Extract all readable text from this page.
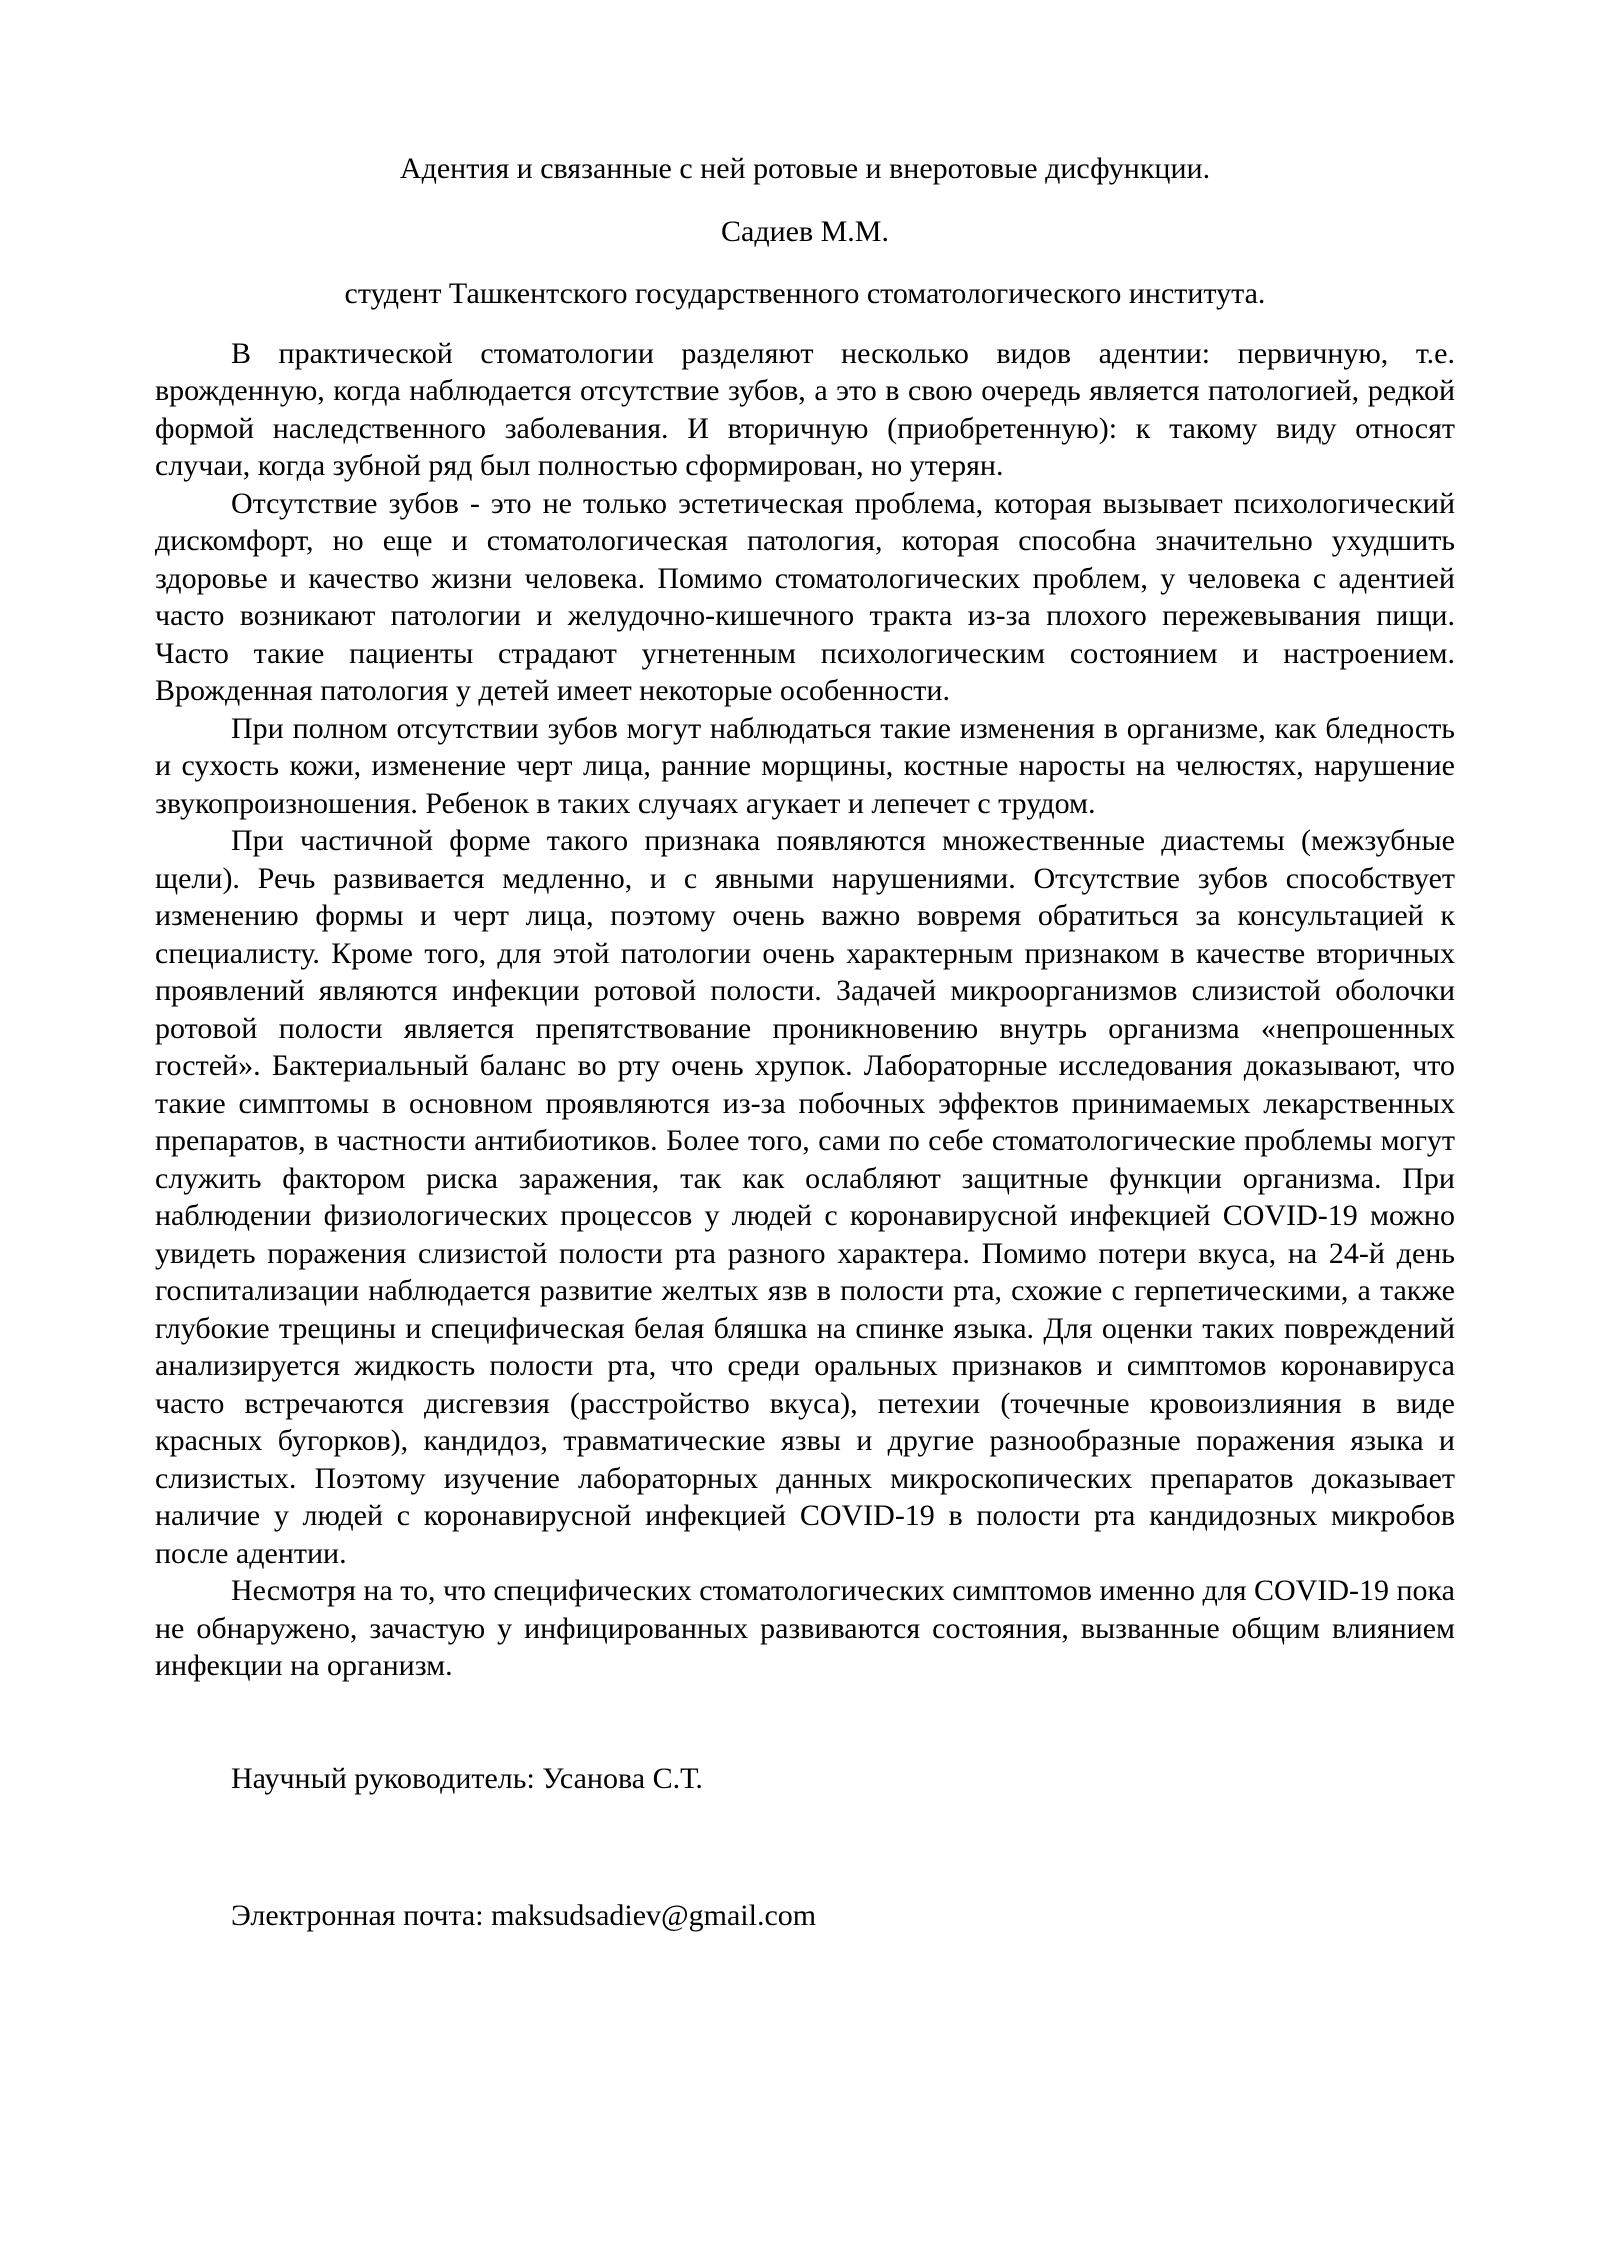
Адентия и связанные с ней ротовые и внеротовые дисфункции.

Садиев М.М.

студент Ташкентского государственного стоматологического института.

В практической стоматологии разделяют несколько видов адентии: первичную, т.е. врожденную, когда наблюдается отсутствие зубов, а это в свою очередь является патологией, редкой формой наследственного заболевания. И вторичную (приобретенную): к такому виду относят случаи, когда зубной ряд был полностью сформирован, но утерян.

Отсутствие зубов - это не только эстетическая проблема, которая вызывает психологический дискомфорт, но еще и стоматологическая патология, которая способна значительно ухудшить здоровье и качество жизни человека. Помимо стоматологических проблем, у человека с адентией часто возникают патологии и желудочно-кишечного тракта из-за плохого пережевывания пищи. Часто такие пациенты страдают угнетенным психологическим состоянием и настроением. Врожденная патология у детей имеет некоторые особенности.

При полном отсутствии зубов могут наблюдаться такие изменения в организме, как бледность и сухость кожи, изменение черт лица, ранние морщины, костные наросты на челюстях, нарушение звукопроизношения. Ребенок в таких случаях агукает и лепечет с трудом.

При частичной форме такого признака появляются множественные диастемы (межзубные щели). Речь развивается медленно, и с явными нарушениями. Отсутствие зубов способствует изменению формы и черт лица, поэтому очень важно вовремя обратиться за консультацией к специалисту. Кроме того, для этой патологии очень характерным признаком в качестве вторичных проявлений являются инфекции ротовой полости. Задачей микроорганизмов слизистой оболочки ротовой полости является препятствование проникновению внутрь организма «непрошенных гостей». Бактериальный баланс во рту очень хрупок. Лабораторные исследования доказывают, что такие симптомы в основном проявляются из-за побочных эффектов принимаемых лекарственных препаратов, в частности антибиотиков. Более того, сами по себе стоматологические проблемы могут служить фактором риска заражения, так как ослабляют защитные функции организма. При наблюдении физиологических процессов у людей с коронавирусной инфекцией COVID-19 можно увидеть поражения слизистой полости рта разного характера. Помимо потери вкуса, на 24-й день госпитализации наблюдается развитие желтых язв в полости рта, схожие с герпетическими, а также глубокие трещины и специфическая белая бляшка на спинке языка. Для оценки таких повреждений анализируется жидкость полости рта, что среди оральных признаков и симптомов коронавируса часто встречаются дисгевзия (расстройство вкуса), петехии (точечные кровоизлияния в виде красных бугорков), кандидоз, травматические язвы и другие разнообразные поражения языка и слизистых. Поэтому изучение лабораторных данных микроскопических препаратов доказывает наличие у людей с коронавирусной инфекцией COVID-19 в полости рта кандидозных микробов после адентии.

Несмотря на то, что специфических стоматологических симптомов именно для COVID-19 пока не обнаружено, зачастую у инфицированных развиваются состояния, вызванные общим влиянием инфекции на организм.

Научный руководитель: Усанова С.Т.

Электронная почта: maksudsadiev@gmail.com
